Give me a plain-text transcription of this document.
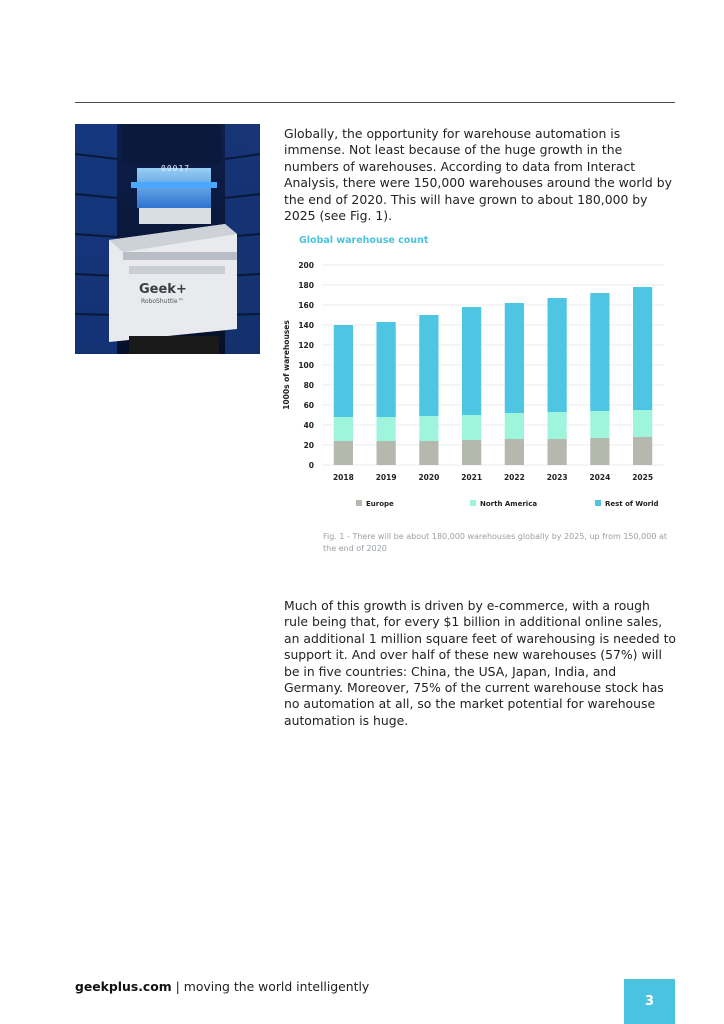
00017
Geek+
RoboShuttle™

Globally, the opportunity for warehouse automation is immense. Not least because of the huge growth in the numbers of warehouses. According to data from Interact Analysis, there were 150,000 warehouses around the world by the end of 2020. This will have grown to about 180,000 by 2025 (see Fig. 1).

Global warehouse count
1000s of warehouses
0
20
40
60
80
100
120
140
160
180
200
2018	2019	2020	2021	2022	2023	2024	2025
Europe	North America	Rest of World

Fig. 1 - There will be about 180,000 warehouses globally by 2025, up from 150,000 at the end of 2020

Much of this growth is driven by e-commerce, with a rough rule being that, for every $1 billion in additional online sales, an additional 1 million square feet of warehousing is needed to support it. And over half of these new warehouses (57%) will be in five countries: China, the USA, Japan, India, and Germany. Moreover, 75% of the current warehouse stock has no automation at all, so the market potential for warehouse automation is huge.

geekplus.com | moving the world intelligently
3
